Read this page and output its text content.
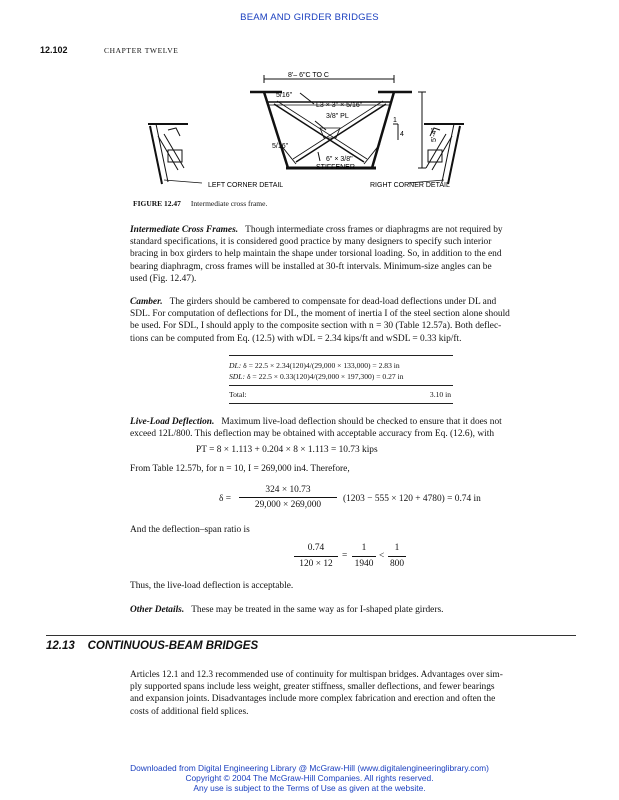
BEAM AND GIRDER BRIDGES
12.102	CHAPTER TWELVE
8'– 6"C TO C
5/16"
L3 × 3" × 5/16"
3/8" PL
5/16"
6" × 3/8"
STIFFENER
1
4	5'-4"
LEFT CORNER DETAIL	RIGHT CORNER DETAIL
FIGURE 12.47 Intermediate cross frame.
Intermediate Cross Frames. Though intermediate cross frames or diaphragms are not required by
standard specifications, it is considered good practice by many designers to specify such interior
bracing in box girders to help maintain the shape under torsional loading. So, in addition to the end
bearing diaphragm, cross frames will be installed at 30-ft intervals. Minimum-size angles can be
used (Fig. 12.47).
Camber. The girders should be cambered to compensate for dead-load deflections under DL and
SDL. For computation of deflections for DL, the moment of inertia I of the steel section alone should
be used. For SDL, I should apply to the composite section with n = 30 (Table 12.57a). Both deflec-
tions can be computed from Eq. (12.5) with wDL = 2.34 kips/ft and wSDL = 0.33 kip/ft.
DL: δ = 22.5 × 2.34(120)4/(29,000 × 133,000) = 2.83 in
SDL: δ = 22.5 × 0.33(120)4/(29,000 × 197,300) = 0.27 in
Total:	3.10 in
Live-Load Deflection. Maximum live-load deflection should be checked to ensure that it does not
exceed 12L/800. This deflection may be obtained with acceptable accuracy from Eq. (12.6), with
PT = 8 × 1.113 + 0.204 × 8 × 1.113 = 10.73 kips
From Table 12.57b, for n = 10, I = 269,000 in4. Therefore,
δ =
324 × 10.73
29,000 × 269,000
(1203 − 555 × 120 + 4780) = 0.74 in
And the deflection–span ratio is
0.74
120 × 12
=
1
1940
<
1
800
Thus, the live-load deflection is acceptable.
Other Details. These may be treated in the same way as for I-shaped plate girders.
12.13 CONTINUOUS-BEAM BRIDGES
Articles 12.1 and 12.3 recommended use of continuity for multispan bridges. Advantages over sim-
ply supported spans include less weight, greater stiffness, smaller deflections, and fewer bearings
and expansion joints. Disadvantages include more complex fabrication and erection and often the
costs of additional field splices.
Downloaded from Digital Engineering Library @ McGraw-Hill (www.digitalengineeringlibrary.com)
Copyright © 2004 The McGraw-Hill Companies. All rights reserved.
Any use is subject to the Terms of Use as given at the website.
